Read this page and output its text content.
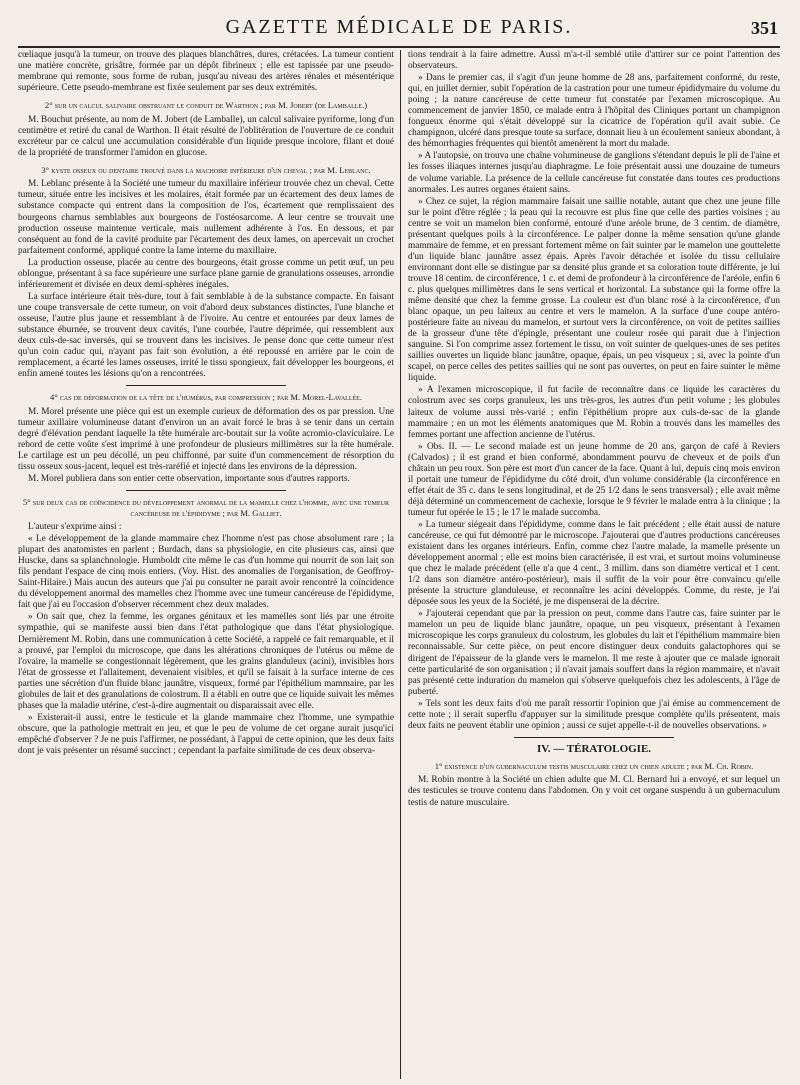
GAZETTE MÉDICALE DE PARIS.	351

cœliaque jusqu'à la tumeur, on trouve des plaques blanchâtres, dures, crétacées. La tumeur contient une matière concrète, grisâtre, formée par un dépôt fibrineux ; elle est tapissée par une pseudo-membrane qui remonte, sous forme de ruban, jusqu'au niveau des artères rénales et mésentérique supérieure. Cette pseudo-membrane est fixée seulement par ses deux extrémités.

2° sur un calcul salivaire obstruant le conduit de Warthon ; par M. Jobert (de Lamballe.)

M. Bouchut présente, au nom de M. Jobert (de Lamballe), un calcul salivaire pyriforme, long d'un centimètre et retiré du canal de Warthon. Il était résulté de l'oblitération de l'ouverture de ce conduit excréteur par ce calcul une accumulation considérable d'un liquide presque incolore, filant et doué de la propriété de transformer l'amidon en glucose.

3° kyste osseux ou dentaire trouvé dans la machoire inférieure d'un cheval ; par M. Leblanc.

M. Leblanc présente à la Société une tumeur du maxillaire inférieur trouvée chez un cheval. Cette tumeur, située entre les incisives et les molaires, était formée par un écartement des deux lames de substance compacte qui entrent dans la composition de l'os, écartement que remplissaient des bourgeons charnus semblables aux bourgeons de l'ostéosarcome. A leur centre se trouvait une production osseuse maintenue verticale, mais nullement adhérente à l'os. En dessous, et par conséquent au fond de la cavité produite par l'écartement des deux lames, on apercevait un crochet parfaitement conformé, appliqué contre la lame interne du maxillaire.

La production osseuse, placée au centre des bourgeons, était grosse comme un petit œuf, un peu oblongue, présentant à sa face supérieure une surface plane garnie de granulations osseuses, arrondie inférieurement et divisée en deux demi-sphères inégales.

La surface intérieure était très-dure, tout à fait semblable à de la substance compacte. En faisant une coupe transversale de cette tumeur, on voit d'abord deux substances distinctes, l'une blanche et osseuse, l'autre plus jaune et ressemblant à de l'ivoire. Au centre et entourées par deux lames de substance éburnée, se trouvent deux cavités, l'une courbée, l'autre déprimée, qui ressemblent aux deux culs-de-sac inversés, qui se trouvent dans les incisives. Je pense donc que cette tumeur n'est qu'un coin caduc qui, n'ayant pas fait son évolution, a été repoussé en arrière par le coin de remplacement, a écarté les lames osseuses, irrité le tissu spongieux, fait développer les bourgeons, et enfin amené toutes les lésions qu'on a rencontrées.

4° cas de déformation de la tête de l'humérus, par compression ; par M. Morel-Lavallée.

M. Morel présente une pièce qui est un exemple curieux de déformation des os par pression. Une tumeur axillaire volumineuse datant d'environ un an avait forcé le bras à se tenir dans un certain degré d'élévation pendant laquelle la tête humérale arc-boutait sur la voûte acromio-claviculaire. Le rebord de cette voûte s'est imprimé à une profondeur de plusieurs millimètres sur la tête humérale. Le cartilage est un peu décollé, un peu chiffonné, par suite d'un commencement de résorption du tissu osseux sous-jacent, lequel est très-raréfié et injecté dans les environs de la dépression.

M. Morel publiera dans son entier cette observation, importante sous d'autres rapports.

5° sur deux cas de coïncidence du développement anormal de la mamelle chez l'homme, avec une tumeur cancéreuse de l'épididyme ; par M. Galliet.

L'auteur s'exprime ainsi :

« Le développement de la glande mammaire chez l'homme n'est pas chose absolument rare ; la plupart des anatomistes en parlent ; Burdach, dans sa physiologie, en cite plusieurs cas, ainsi que Huscke, dans sa splanchnologie. Humboldt cite même le cas d'un homme qui nourrit de son lait son fils pendant l'espace de cinq mois entiers. (Voy. Hist. des anomalies de l'organisation, de Geoffroy-Saint-Hilaire.) Mais aucun des auteurs que j'ai pu consulter ne parait avoir rencontré la coïncidence du développement anormal des mamelles chez l'homme avec une tumeur cancéreuse de l'épididyme, fait que j'ai eu l'occasion d'observer récemment chez deux malades.

» On sait que, chez la femme, les organes génitaux et les mamelles sont liés par une étroite sympathie, qui se manifeste aussi bien dans l'état pathologique que dans l'état physiologique. Dernièrement M. Robin, dans une communication à cette Société, a rappelé ce fait remarquable, et il a prouvé, par l'emploi du microscope, que dans les altérations chroniques de l'utérus ou même de l'ovaire, la mamelle se congestionnait légèrement, que les grains glanduleux (acini), invisibles hors l'état de grossesse et l'allaitement, devenaient visibles, et qu'il se faisait à la surface interne de ces parties une sécrétion d'un fluide blanc jaunâtre, visqueux, formé par l'épithélium mammaire, par les globules de lait et des granulations de colostrum. Il a établi en outre que ce liquide suivait les mêmes phases que la maladie utérine, c'est-à-dire augmentait ou disparaissait avec elle.

» Existerait-il aussi, entre le testicule et la glande mammaire chez l'homme, une sympathie obscure, que la pathologie mettrait en jeu, et que le peu de volume de cet organe aurait jusqu'ici empêché d'observer ? Je ne puis l'affirmer, ne possédant, à l'appui de cette opinion, que les deux faits dont je vais présenter un résumé succinct ; cependant la parfaite similitude de ces deux observa-

tions tendrait à la faire admettre. Aussi m'a-t-il semblé utile d'attirer sur ce point l'attention des observateurs.

» Dans le premier cas, il s'agit d'un jeune homme de 28 ans, parfaitement conformé, du reste, qui, en juillet dernier, subit l'opération de la castration pour une tumeur épididymaire du volume du poing ; la nature cancéreuse de cette tumeur fut constatée par l'examen microscopique. Au commencement de janvier 1850, ce malade entra à l'hôpital des Cliniques portant un champignon fongueux énorme qui s'était développé sur la cicatrice de l'opération qu'il avait subie. Ce champignon, ulcéré dans presque toute sa surface, donnait lieu à un écoulement sanieux abondant, à des hémorrhagies fréquentes qui bientôt amenèrent la mort du malade.

» A l'autopsie, on trouva une chaîne volumineuse de ganglions s'étendant depuis le pli de l'aine et les fosses iliaques internes jusqu'au diaphragme. Le foie présentait aussi une douzaine de tumeurs de volume variable. La présence de la cellule cancéreuse fut constatée dans toutes ces productions anormales. Les autres organes étaient sains.

» Chez ce sujet, la région mammaire faisait une saillie notable, autant que chez une jeune fille sur le point d'être réglée ; la peau qui la recouvre est plus fine que celle des parties voisines ; au centre se voit un mamelon bien conformé, entouré d'une aréole brune, de 3 centim. de diamètre, présentant quelques poils à la circonférence. Le palper donne la même sensation qu'une glande mammaire de femme, et en pressant fortement même on fait suinter par le mamelon une gouttelette d'un liquide blanc jaunâtre assez épais. Après l'avoir détachée et isolée du tissu cellulaire environnant dont elle se distingue par sa densité plus grande et sa coloration toute différente, je lui trouve 18 centim. de circonférence, 1 c. et demi de profondeur à la circonférence de l'aréole, enfin 6 c. plus quelques millimètres dans le sens vertical et horizontal. La substance qui la forme offre la même densité que chez la femme grosse. La couleur est d'un blanc rosé à la circonférence, d'un blanc opaque, un peu laiteux au centre et vers le mamelon. A la surface d'une coupe antéro-postérieure faite au niveau du mamelon, et surtout vers la circonférence, on voit de petites saillies de la grosseur d'une tête d'épingle, présentant une couleur rosée qui parait due à l'injection sanguine. Si l'on comprime assez fortement le tissu, on voit suinter de quelques-unes de ses petites saillies ouvertes un liquide blanc jaunâtre, opaque, épais, un peu visqueux ; si, avec la pointe d'un scapel, on perce celles des petites saillies qui ne sont pas ouvertes, on peut en faire suinter le même liquide.

» A l'examen microscopique, il fut facile de reconnaître dans ce liquide les caractères du colostrum avec ses corps granuleux, les uns très-gros, les autres d'un petit volume ; les globules laiteux de volume aussi très-varié ; enfin l'épithélium propre aux culs-de-sac de la glande mammaire ; en un mot les éléments anatomiques que M. Robin a trouvés dans les mamelles des femmes portant une affection ancienne de l'utérus.

» Obs. II. — Le second malade est un jeune homme de 20 ans, garçon de café à Reviers (Calvados) ; il est grand et bien conformé, abondamment pourvu de cheveux et de poils d'un châtain un peu roux. Son père est mort d'un cancer de la face. Quant à lui, depuis cinq mois environ il portait une tumeur de l'épididyme du côté droit, d'un volume considérable (la circonférence en effet était de 35 c. dans le sens longitudinal, et de 25 1/2 dans le sens transversal) ; elle avait même déjà déterminé un commencement de cachexie, lorsque le 9 février le malade entra à la clinique ; la tumeur fut opérée le 15 ; le 17 le malade succomba.

» La tumeur siégeait dans l'épididyme, comme dans le fait précédent ; elle était aussi de nature cancéreuse, ce qui fut démontré par le microscope. J'ajouterai que d'autres productions cancéreuses existaient dans les organes intérieurs. Enfin, comme chez l'autre malade, la mamelle présente un développement anormal ; elle est moins bien caractérisée, il est vrai, et surtout moins volumineuse que chez le malade précédent (elle n'a que 4 cent., 3 millim. dans son diamètre vertical et 1 cent. 1/2 dans son diamètre antéro-postérieur), mais il suffit de la voir pour être convaincu qu'elle présente la structure glanduleuse, et reconnaître les acini développés. Comme, du reste, je l'ai déposée sous les yeux de la Société, je me dispenserai de la décrire.

» J'ajouterai cependant que par la pression on peut, comme dans l'autre cas, faire suinter par le mamelon un peu de liquide blanc jaunâtre, opaque, un peu visqueux, présentant à l'examen microscopique les corps granuleux du colostrum, les globules du lait et l'épithélium mammaire bien reconnaissable. Sur cette pièce, on peut encore distinguer deux conduits galactophores qui se dirigent de l'épaisseur de la glande vers le mamelon. Il me reste à ajouter que ce malade ignorait cette particularité de son organisation ; il n'avait jamais souffert dans la région mammaire, et n'avait pas présenté cette induration du mamelon qui s'observe quelquefois chez les adolescents, à l'âge de puberté.

» Tels sont les deux faits d'où me paraît ressortir l'opinion que j'ai émise au commencement de cette note ; il serait superflu d'appuyer sur la similitude presque complète qu'ils présentent, mais deux faits ne peuvent établir une opinion ; aussi ce sujet appelle-t-il de nouvelles observations. »

IV. — TÉRATOLOGIE.
1° existence d'un gubernaculum testis musculaire chez un chien adulte ; par M. Ch. Robin.

M. Robin montre à la Société un chien adulte que M. Cl. Bernard lui a envoyé, et sur lequel un des testicules se trouve contenu dans l'abdomen. On y voit cet organe suspendu à un gubernaculum testis de nature musculaire.
